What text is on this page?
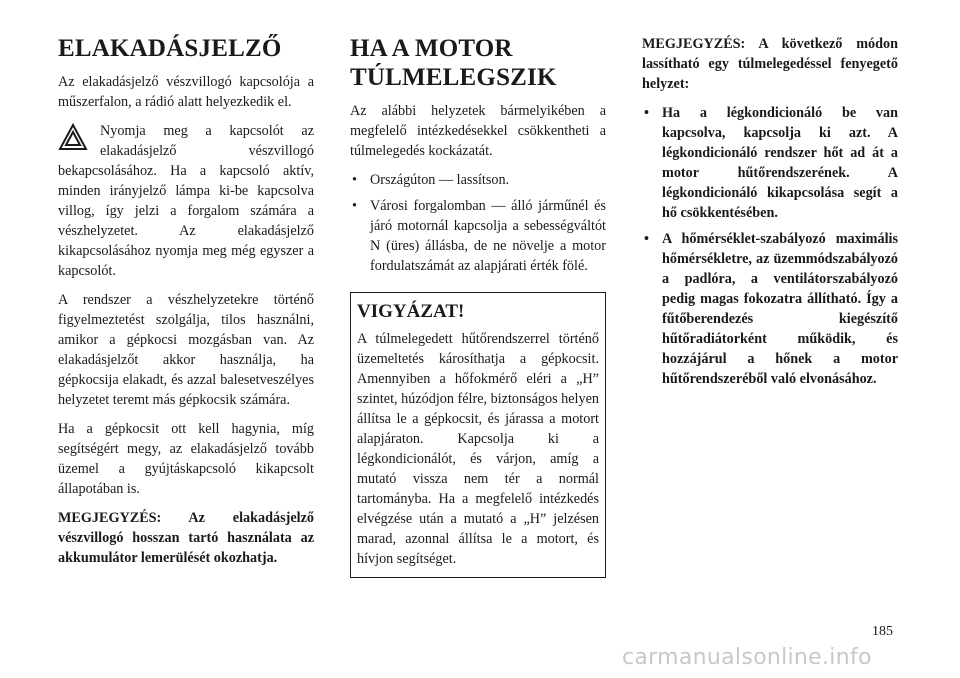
ELAKADÁSJELZŐ

Az elakadásjelző vészvillogó kapcsolója a műszerfalon, a rádió alatt helyezkedik el.

Nyomja meg a kapcsolót az elakadásjelző vészvillogó bekapcsolásához. Ha a kapcsoló aktív, minden irányjelző lámpa ki-be kapcsolva villog, így jelzi a forgalom számára a vészhelyzetet. Az elakadásjelző kikapcsolásához nyomja meg még egyszer a kapcsolót.

A rendszer a vészhelyzetekre történő figyelmeztetést szolgálja, tilos használni, amikor a gépkocsi mozgásban van. Az elakadásjelzőt akkor használja, ha gépkocsija elakadt, és azzal balesetveszélyes helyzetet teremt más gépkocsik számára.

Ha a gépkocsit ott kell hagynia, míg segítségért megy, az elakadásjelző tovább üzemel a gyújtáskapcsoló kikapcsolt állapotában is.

MEGJEGYZÉS: Az elakadásjelző vészvillogó hosszan tartó használata az akkumulátor lemerülését okozhatja.

HA A MOTOR TÚLMELEGSZIK

Az alábbi helyzetek bármelyikében a megfelelő intézkedésekkel csökkentheti a túlmelegedés kockázatát.

• Országúton — lassítson.
• Városi forgalomban — álló járműnél és járó motornál kapcsolja a sebességváltót N (üres) állásba, de ne növelje a motor fordulatszámát az alapjárati érték fölé.
VIGYÁZAT!

A túlmelegedett hűtőrendszerrel történő üzemeltetés károsíthatja a gépkocsit. Amennyiben a hőfokmérő eléri a „H” szintet, húzódjon félre, biztonságos helyen állítsa le a gépkocsit, és járassa a motort alapjáraton. Kapcsolja ki a légkondicionálót, és várjon, amíg a mutató vissza nem tér a normál tartományba. Ha a megfelelő intézkedés elvégzése után a mutató a „H” jelzésen marad, azonnal állítsa le a motort, és hívjon segítséget.

MEGJEGYZÉS: A következő módon lassítható egy túlmelegedéssel fenyegető helyzet:

• Ha a légkondicionáló be van kapcsolva, kapcsolja ki azt. A légkondicionáló rendszer hőt ad át a motor hűtőrendszerének. A légkondicionáló kikapcsolása segít a hő csökkentésében.
• A hőmérséklet-szabályozó maximális hőmérsékletre, az üzemmódszabályozó a padlóra, a ventilátorszabályozó pedig magas fokozatra állítható. Így a fűtőberendezés kiegészítő hűtőradiátorként működik, és hozzájárul a hőnek a motor hűtőrendszeréből való elvonásához.
185
carmanualsonline.info
